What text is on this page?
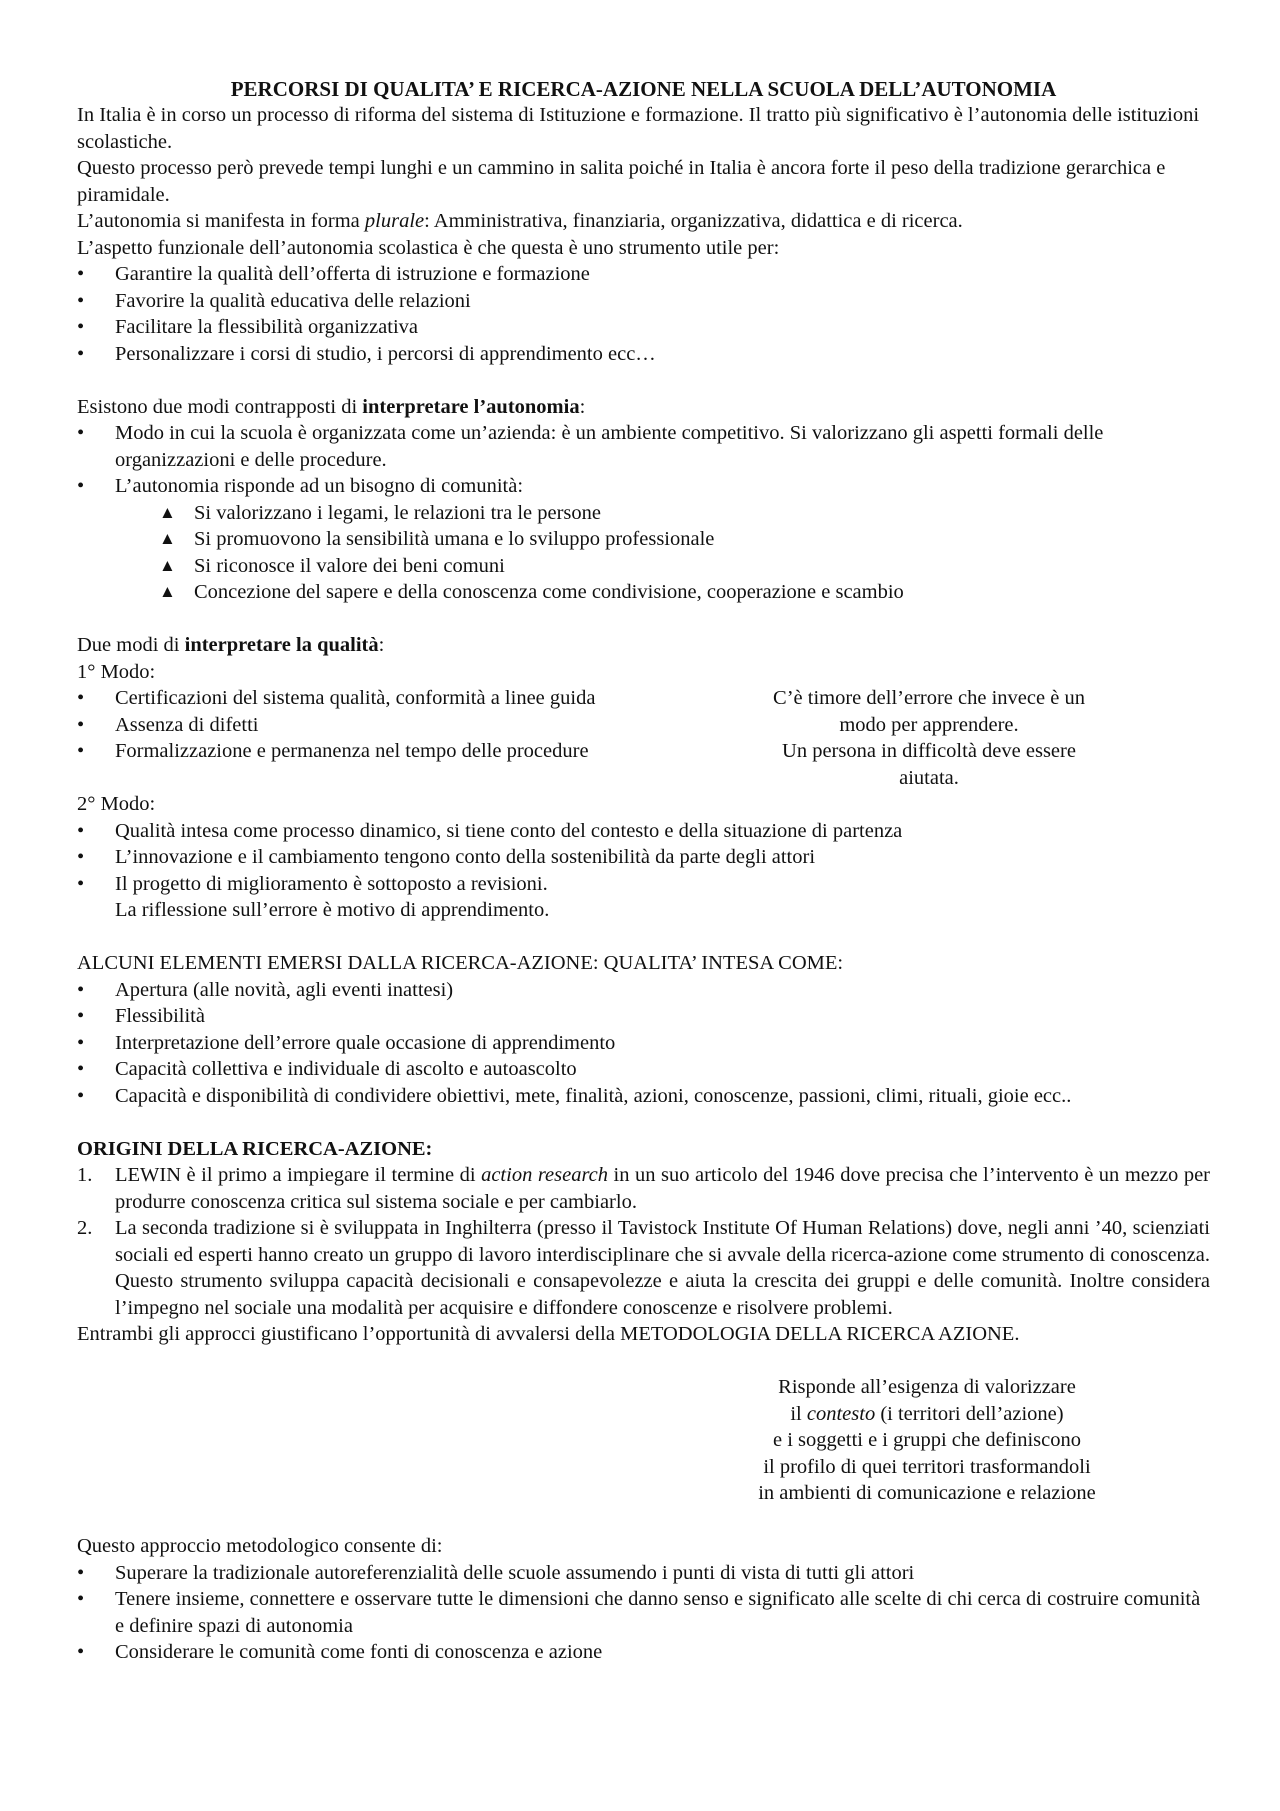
PERCORSI DI QUALITA’ E RICERCA-AZIONE NELLA SCUOLA DELL’AUTONOMIA

In Italia è in corso un processo di riforma del sistema di Istituzione e formazione. Il tratto più significativo è l’autonomia delle istituzioni scolastiche.

Questo processo però prevede tempi lunghi e un cammino in salita poiché in Italia è ancora forte il peso della tradizione gerarchica e piramidale.

L’autonomia si manifesta in forma plurale: Amministrativa, finanziaria, organizzativa, didattica e di ricerca.

L’aspetto funzionale dell’autonomia scolastica è che questa è uno strumento utile per:

•	Garantire la qualità dell’offerta di istruzione e formazione
•	Favorire la qualità educativa delle relazioni
•	Facilitare la flessibilità organizzativa
•	Personalizzare i corsi di studio, i percorsi di apprendimento ecc…

Esistono due modi contrapposti di interpretare l’autonomia:

•	Modo in cui la scuola è organizzata come un’azienda: è un ambiente competitivo. Si valorizzano gli aspetti formali delle organizzazioni e delle procedure.
•	L’autonomia risponde ad un bisogno di comunità:
▲ Si valorizzano i legami, le relazioni tra le persone
▲ Si promuovono la sensibilità umana e lo sviluppo professionale
▲ Si riconosce il valore dei beni comuni
▲ Concezione del sapere e della conoscenza come condivisione, cooperazione e scambio

Due modi di interpretare la qualità:

1° Modo:

•	Certificazioni del sistema qualità, conformità a linee guida
•	Assenza di difetti
•	Formalizzazione e permanenza nel tempo delle procedure

C’è timore dell’errore che invece è un
modo per apprendere.
Un persona in difficoltà deve essere
aiutata.

2° Modo:

•	Qualità intesa come processo dinamico, si tiene conto del contesto e della situazione di partenza
•	L’innovazione e il cambiamento tengono conto della sostenibilità da parte degli attori
•	Il progetto di miglioramento è sottoposto a revisioni.

La riflessione sull’errore è motivo di apprendimento.

ALCUNI ELEMENTI EMERSI DALLA RICERCA-AZIONE: QUALITA’ INTESA COME:

•	Apertura (alle novità, agli eventi inattesi)
•	Flessibilità
•	Interpretazione dell’errore quale occasione di apprendimento
•	Capacità collettiva e individuale di ascolto e autoascolto
•	Capacità e disponibilità di condividere obiettivi, mete, finalità, azioni, conoscenze, passioni, climi, rituali, gioie ecc..

ORIGINI DELLA RICERCA-AZIONE:

1. LEWIN è il primo a impiegare il termine di action research in un suo articolo del 1946 dove precisa che l’intervento è un mezzo per produrre conoscenza critica sul sistema sociale e per cambiarlo.
2. La seconda tradizione si è sviluppata in Inghilterra (presso il Tavistock Institute Of Human Relations) dove, negli anni ’40, scienziati sociali ed esperti hanno creato un gruppo di lavoro interdisciplinare che si avvale della ricerca-azione come strumento di conoscenza. Questo strumento sviluppa capacità decisionali e consapevolezze e aiuta la crescita dei gruppi e delle comunità. Inoltre considera l’impegno nel sociale una modalità per acquisire e diffondere conoscenze e risolvere problemi.

Entrambi gli approcci giustificano l’opportunità di avvalersi della METODOLOGIA DELLA RICERCA AZIONE.

Risponde all’esigenza di valorizzare
il contesto (i territori dell’azione)
e i soggetti e i gruppi che definiscono
il profilo di quei territori trasformandoli
in ambienti di comunicazione e relazione

Questo approccio metodologico consente di:

•	Superare la tradizionale autoreferenzialità delle scuole assumendo i punti di vista di tutti gli attori
•	Tenere insieme, connettere e osservare tutte le dimensioni che danno senso e significato alle scelte di chi cerca di costruire comunità e definire spazi di autonomia
•	Considerare le comunità come fonti di conoscenza e azione
